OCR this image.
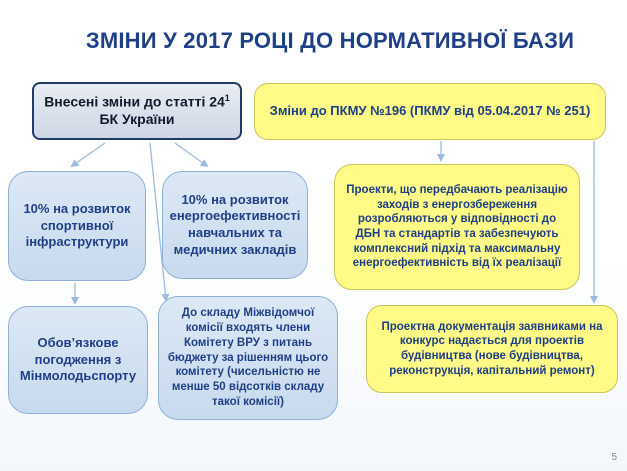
ЗМІНИ У 2017 РОЦІ ДО НОРМАТИВНОЇ БАЗИ
Внесені зміни до статті $24^1$
БК України
Зміни до ПКМУ №196 (ПКМУ від 05.04.2017 № 251)
10% на розвиток спортивної інфраструктури
10% на розвиток енергоефективності навчальних та медичних закладів
Обов’язкове погодження з Мінмолодьспорту
До складу Міжвідомчої комісії входять члени Комітету ВРУ з питань бюджету за рішенням цього комітету (чисельністю не менше 50 відсотків складу такої комісії)
Проекти, що передбачають реалізацію заходів з енергозбереження розробляються у відповідності до ДБН та стандартів та забезпечують комплексний підхід та максимальну енергоефективність від їх реалізації
Проектна документація заявниками на конкурс надається для проектів будівництва (нове будівництва, реконструкція, капітальний ремонт)
5
